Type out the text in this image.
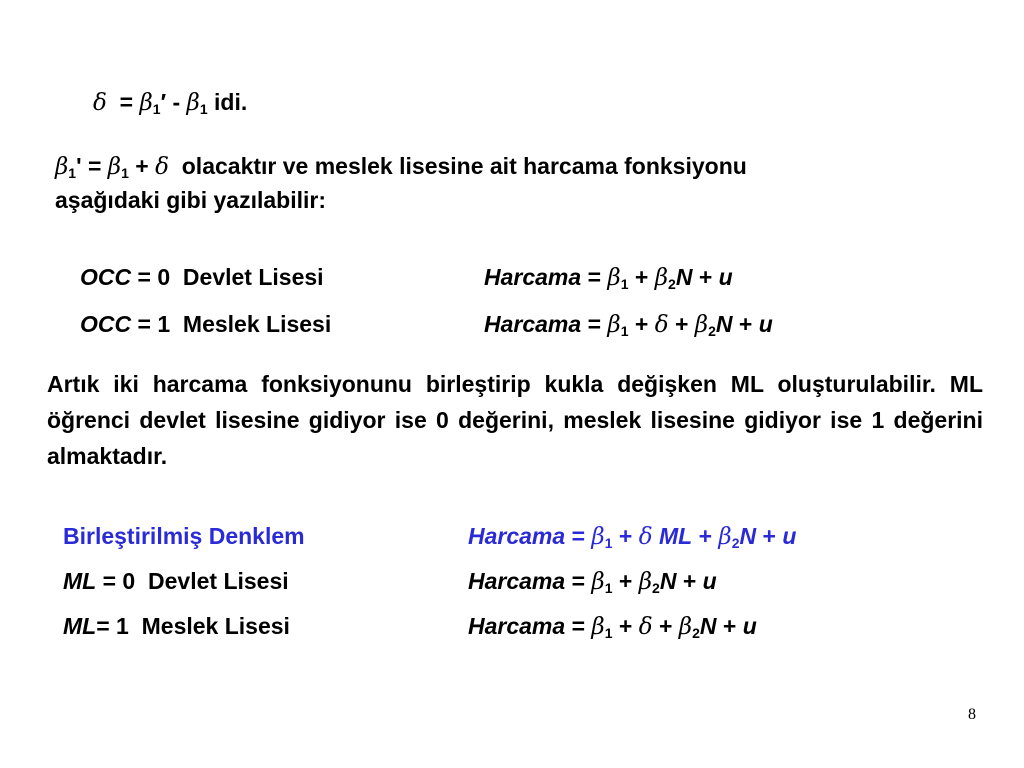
$\delta = \beta_1' - \beta_1$ idi.
$\beta_1' = \beta_1 + \delta$ olacaktır ve meslek lisesine ait harcama fonksiyonu
aşağıdaki gibi yazılabilir:
OCC = 0 Devlet Lisesi	Harcama = $\beta_1 + \beta_2N + u$
OCC = 1 Meslek Lisesi	Harcama = $\beta_1 + \delta + \beta_2N + u$
Artık iki harcama fonksiyonunu birleştirip kukla değişken ML oluşturulabilir. ML öğrenci devlet lisesine gidiyor ise 0 değerini, meslek lisesine gidiyor ise 1 değerini almaktadır.
Birleştirilmiş Denklem	Harcama = $\beta_1 + \delta$ ML + $\beta_2N + u$
ML = 0 Devlet Lisesi	Harcama = $\beta_1 + \beta_2N + u$
ML= 1 Meslek Lisesi	Harcama = $\beta_1 + \delta + \beta_2N + u$
8
